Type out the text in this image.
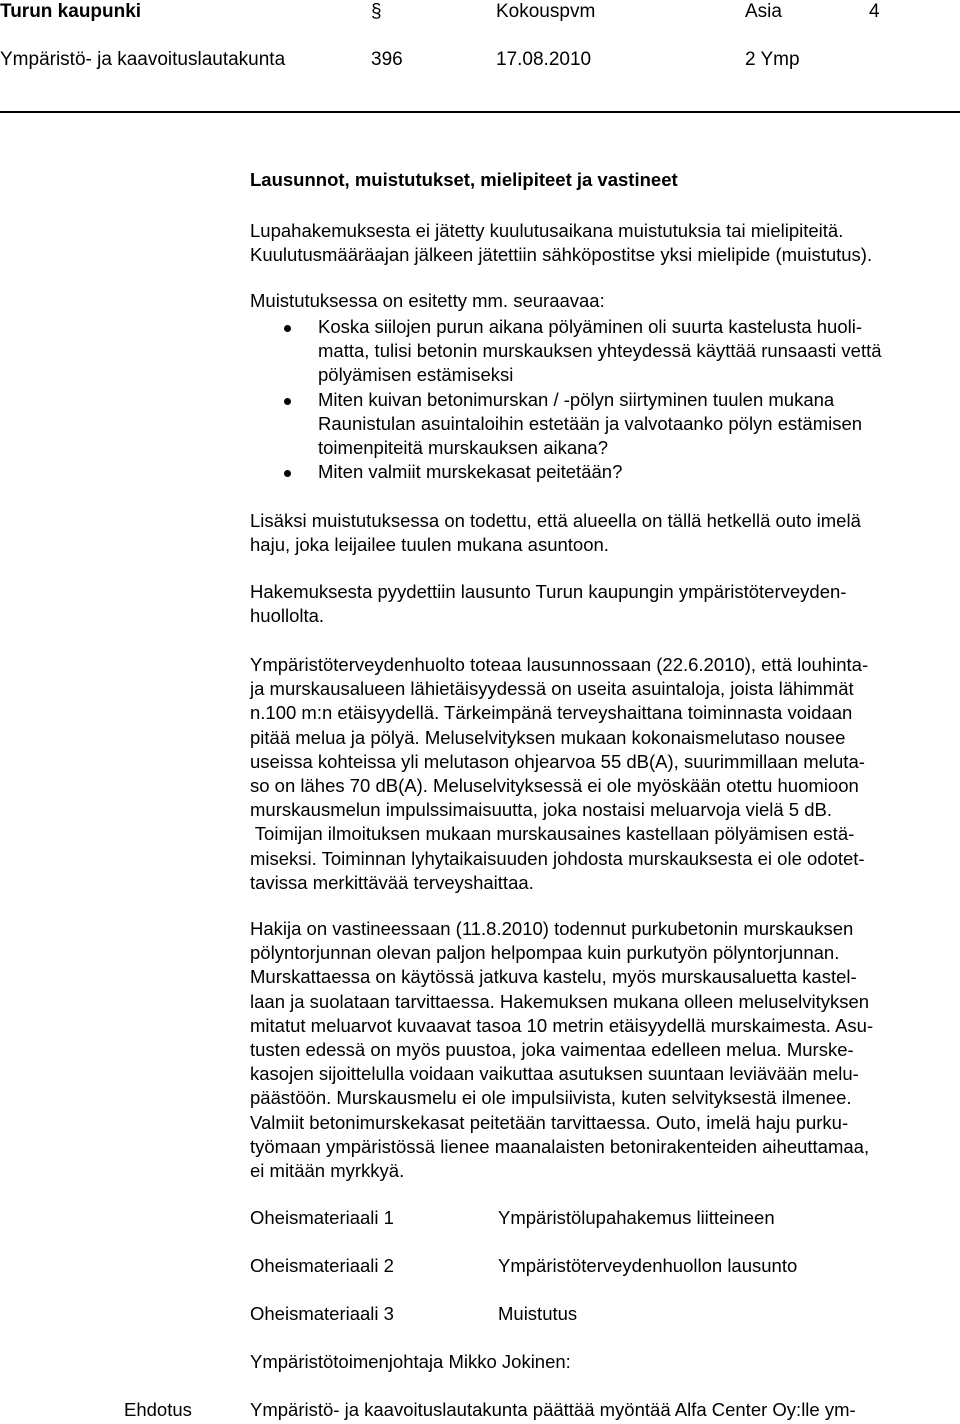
Turun kaupunki	§	Kokouspvm	Asia	4
Ympäristö- ja kaavoituslautakunta	396	17.08.2010	2 Ymp
Lausunnot, muistutukset, mielipiteet ja vastineet

Lupahakemuksesta ei jätetty kuulutusaikana muistutuksia tai mielipiteitä.

Kuulutusmääräajan jälkeen jätettiin sähköpostitse yksi mielipide (muistutus).

Muistutuksessa on esitetty mm. seuraavaa:
Koska siilojen purun aikana pölyäminen oli suurta kastelusta huoli-
matta, tulisi betonin murskauksen yhteydessä käyttää runsaasti vettä
pölyämisen estämiseksi
Miten kuivan betonimurskan / -pölyn siirtyminen tuulen mukana
Raunistulan asuintaloihin estetään ja valvotaanko pölyn estämisen
toimenpiteitä murskauksen aikana?
Miten valmiit murskekasat peitetään?

Lisäksi muistutuksessa on todettu, että alueella on tällä hetkellä outo imelä

haju, joka leijailee tuulen mukana asuntoon.

Hakemuksesta pyydettiin lausunto Turun kaupungin ympäristöterveyden-

huollolta.

Ympäristöterveydenhuolto toteaa lausunnossaan (22.6.2010), että louhinta-

ja murskausalueen lähietäisyydessä on useita asuintaloja, joista lähimmät

n.100 m:n etäisyydellä. Tärkeimpänä terveyshaittana toiminnasta voidaan

pitää melua ja pölyä. Meluselvityksen mukaan kokonaismelutaso nousee

useissa kohteissa yli melutason ohjearvoa 55 dB(A), suurimmillaan meluta-

so on lähes 70 dB(A). Meluselvityksessä ei ole myöskään otettu huomioon

murskausmelun impulssimaisuutta, joka nostaisi meluarvoja vielä 5 dB.

Toimijan ilmoituksen mukaan murskausaines kastellaan pölyämisen estä-

miseksi. Toiminnan lyhytaikaisuuden johdosta murskauksesta ei ole odotet-

tavissa merkittävää terveyshaittaa.

Hakija on vastineessaan (11.8.2010) todennut purkubetonin murskauksen

pölyntorjunnan olevan paljon helpompaa kuin purkutyön pölyntorjunnan.

Murskattaessa on käytössä jatkuva kastelu, myös murskausaluetta kastel-

laan ja suolataan tarvittaessa. Hakemuksen mukana olleen meluselvityksen

mitatut meluarvot kuvaavat tasoa 10 metrin etäisyydellä murskaimesta. Asu-

tusten edessä on myös puustoa, joka vaimentaa edelleen melua. Murske-

kasojen sijoittelulla voidaan vaikuttaa asutuksen suuntaan leviävään melu-

päästöön. Murskausmelu ei ole impulsiivista, kuten selvityksestä ilmenee.

Valmiit betonimurskekasat peitetään tarvittaessa. Outo, imelä haju purku-

työmaan ympäristössä lienee maanalaisten betonirakenteiden aiheuttamaa,

ei mitään myrkkyä.

Oheismateriaali 1	Ympäristölupahakemus liitteineen
Oheismateriaali 2	Ympäristöterveydenhuollon lausunto
Oheismateriaali 3	Muistutus
Ympäristötoimenjohtaja Mikko Jokinen:
Ehdotus	Ympäristö- ja kaavoituslautakunta päättää myöntää Alfa Center Oy:lle ym-
